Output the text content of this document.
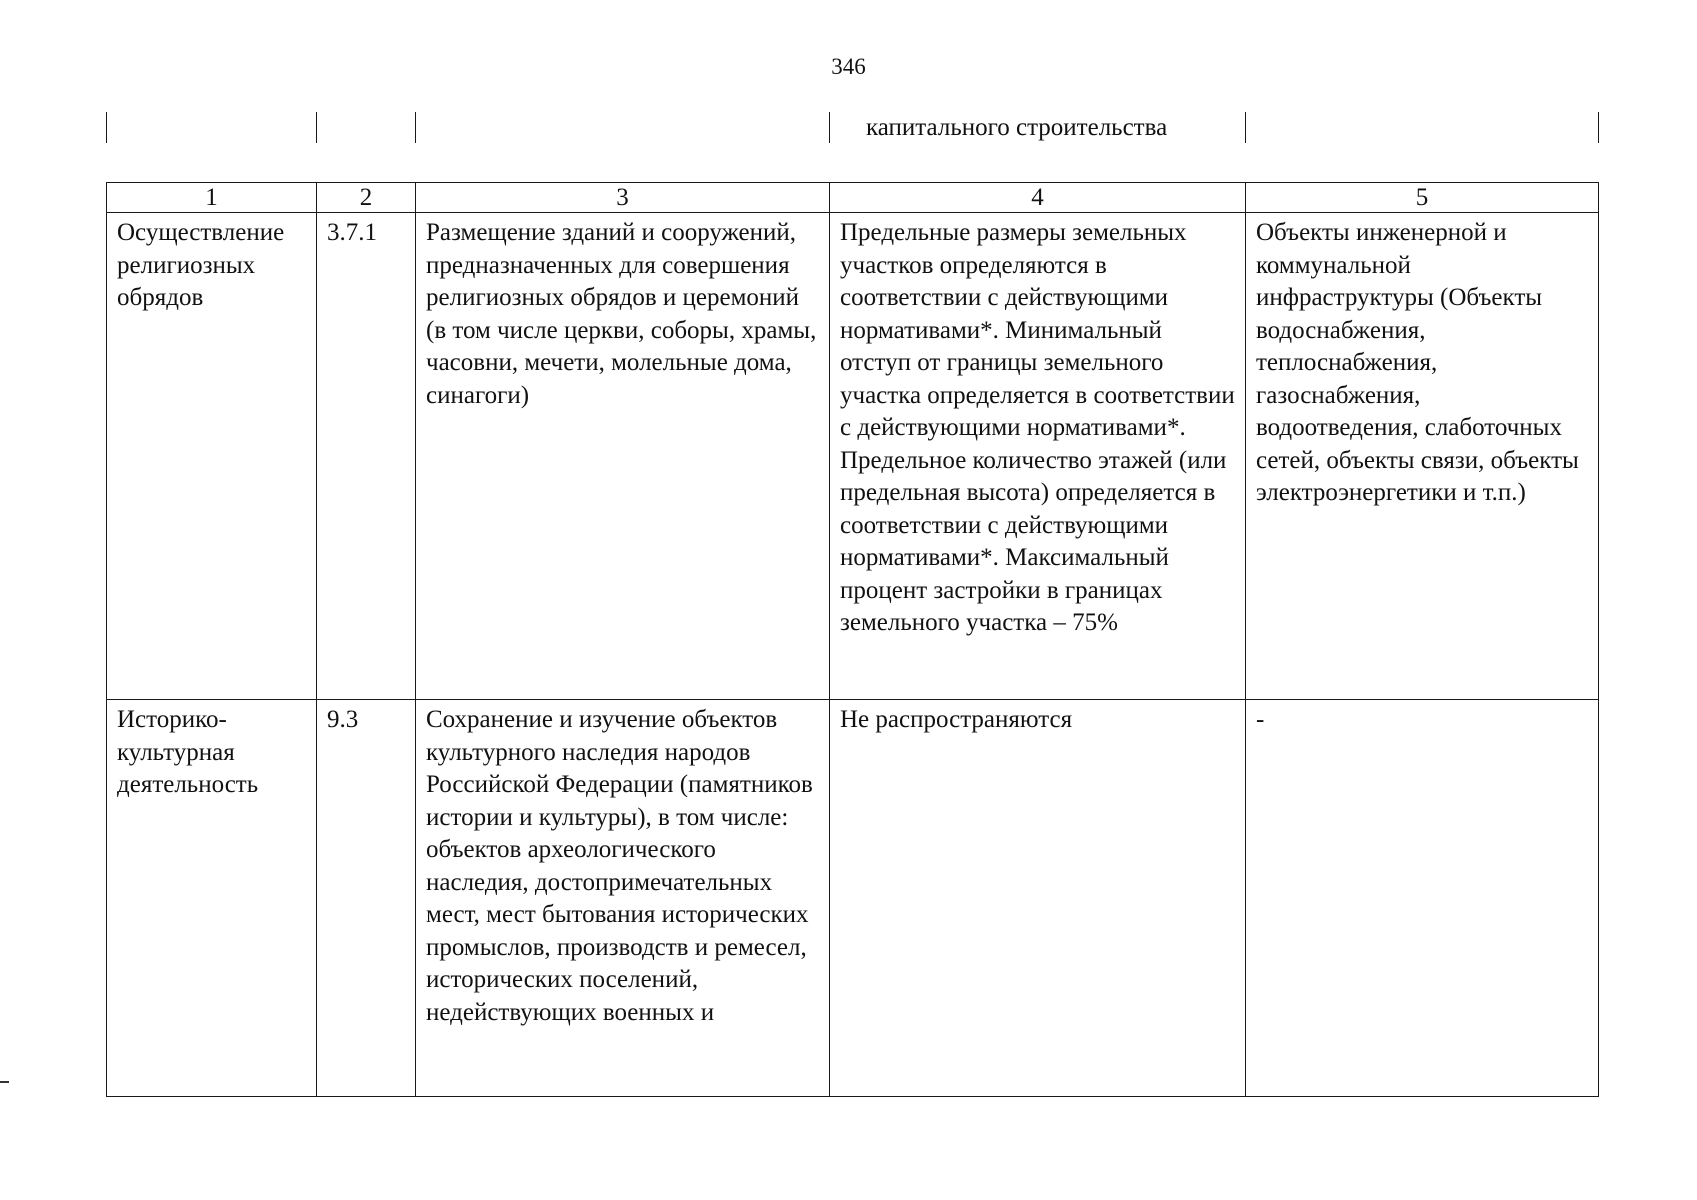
346

капитального строительства

1	2	3	4	5
Осуществление религиозных обрядов	3.7.1	Размещение зданий и сооружений, предназначенных для совершения религиозных обрядов и церемоний (в том числе церкви, соборы, храмы, часовни, мечети, молельные дома, синагоги)	Предельные размеры земельных участков определяются в соответствии с действующими нормативами*. Минимальный отступ от границы земельного участка определяется в соответствии с действующими нормативами*. Предельное количество этажей (или предельная высота) определяется в соответствии с действующими нормативами*. Максимальный процент застройки в границах земельного участка – 75%	Объекты инженерной и коммунальной инфраструктуры (Объекты водоснабжения, теплоснабжения, газоснабжения, водоотведения, слаботочных сетей, объекты связи, объекты электроэнергетики и т.п.)
Историко-культурная деятельность	9.3	Сохранение и изучение объектов культурного наследия народов Российской Федерации (памятников истории и культуры), в том числе: объектов археологического наследия, достопримечательных мест, мест бытования исторических промыслов, производств и ремесел, исторических поселений, недействующих военных и	Не распространяются	-
